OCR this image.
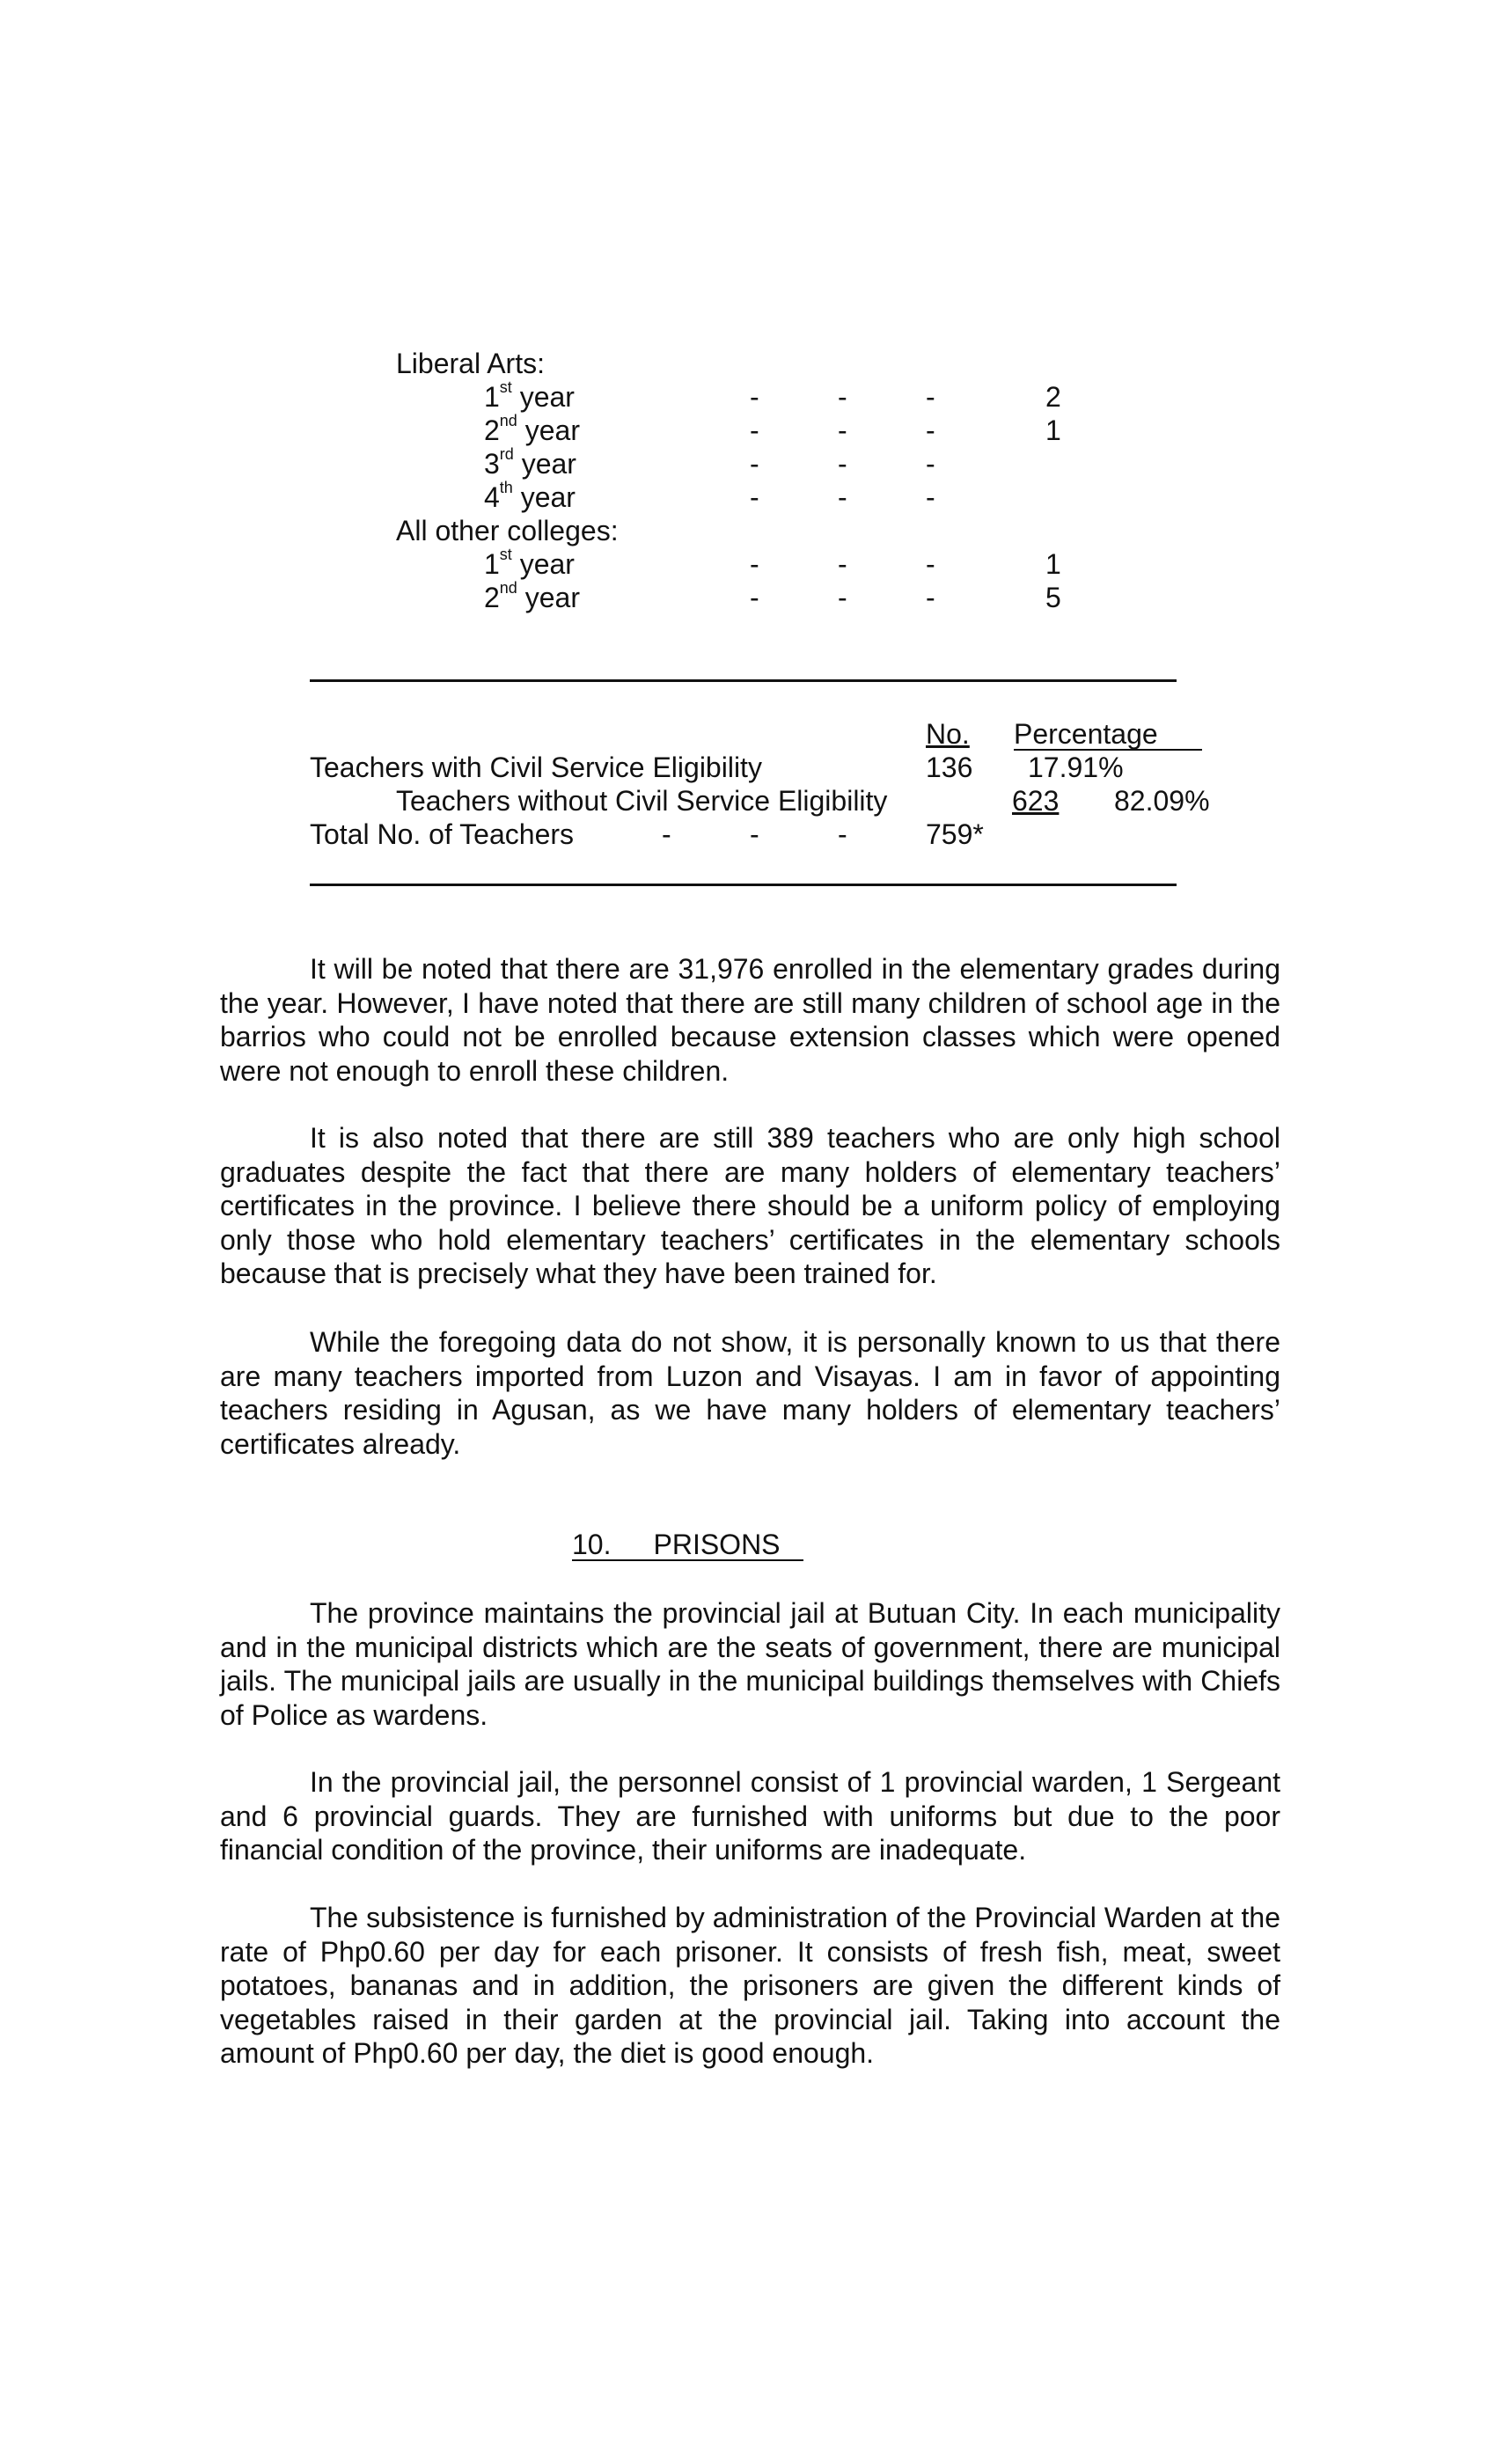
Liberal Arts:
1st year	-	-	-	2
2nd year	-	-	-	1
3rd year	-	-	-
4th year	-	-	-
All other colleges:
1st year	-	-	-	1
2nd year	-	-	-	5
No. Percentage
Teachers with Civil Service Eligibility	136 17.91%
Teachers without Civil Service Eligibility	623 82.09%
Total No. of Teachers	-	-	-	759*

It will be noted that there are 31,976 enrolled in the elementary grades during the year. However, I have noted that there are still many children of school age in the barrios who could not be enrolled because extension classes which were opened were not enough to enroll these children.

It is also noted that there are still 389 teachers who are only high school graduates despite the fact that there are many holders of elementary teachers’ certificates in the province. I believe there should be a uniform policy of employing only those who hold elementary teachers’ certificates in the elementary schools because that is precisely what they have been trained for.

While the foregoing data do not show, it is personally known to us that there are many teachers imported from Luzon and Visayas. I am in favor of appointing teachers residing in Agusan, as we have many holders of elementary teachers’ certificates already.

10. PRISONS

The province maintains the provincial jail at Butuan City. In each municipality and in the municipal districts which are the seats of government, there are municipal jails. The municipal jails are usually in the municipal buildings themselves with Chiefs of Police as wardens.

In the provincial jail, the personnel consist of 1 provincial warden, 1 Sergeant and 6 provincial guards. They are furnished with uniforms but due to the poor financial condition of the province, their uniforms are inadequate.

The subsistence is furnished by administration of the Provincial Warden at the rate of Php0.60 per day for each prisoner. It consists of fresh fish, meat, sweet potatoes, bananas and in addition, the prisoners are given the different kinds of vegetables raised in their garden at the provincial jail. Taking into account the amount of Php0.60 per day, the diet is good enough.
